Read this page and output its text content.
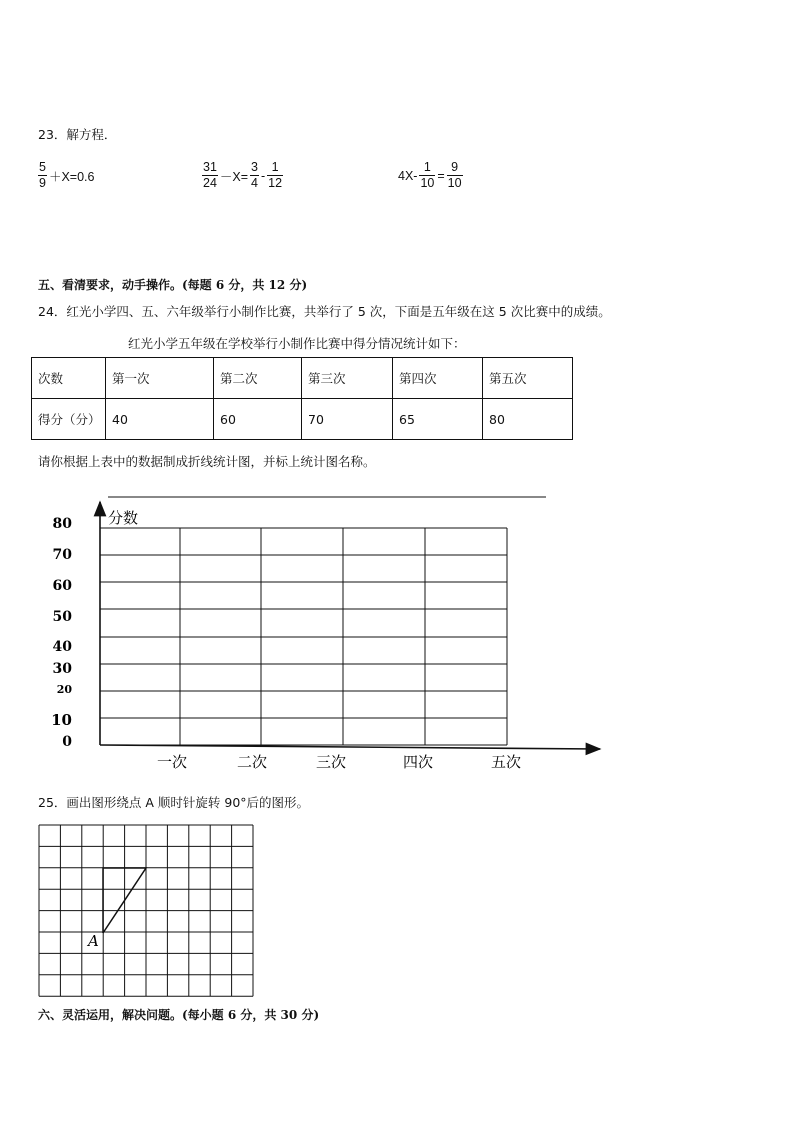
23．解方程．
$\frac{5}{9} +X=0.6$	$\frac{31}{24} -X= \frac{3}{4} - \frac{1}{12}$	$4X- \frac{1}{10} = \frac{9}{10}$
五、看清要求，动手操作。(每题 6 分，共 12 分)
24．红光小学四、五、六年级举行小制作比赛，共举行了 5 次，下面是五年级在这 5 次比赛中的成绩。
红光小学五年级在学校举行小制作比赛中得分情况统计如下：
次数	第一次	第二次	第三次	第四次	第五次
得分（分）	40	60	70	65	80
请你根据上表中的数据制成折线统计图，并标上统计图名称。
分数
80
70
60
50
40
30
20
10
0
一次	二次	三次	四次	五次
25．画出图形绕点 A 顺时针旋转 90°后的图形。
A
六、灵活运用，解决问题。(每小题 6 分，共 30 分)
